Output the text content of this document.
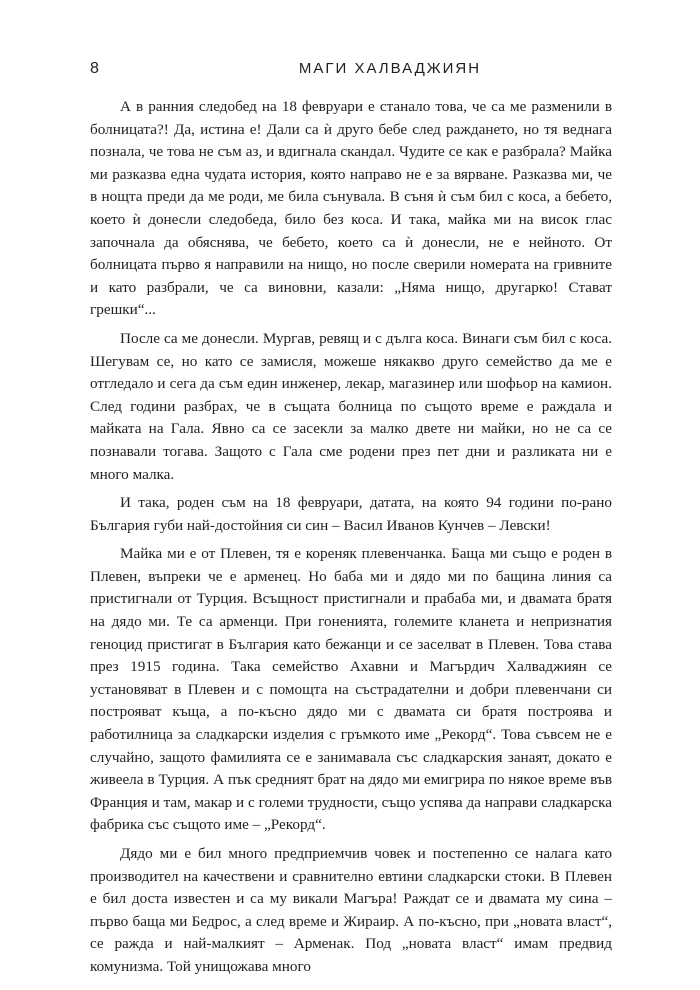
8	МАГИ ХАЛВАДЖИЯН

А в ранния следобед на 18 февруари е станало това, че са ме разменили в болницата?! Да, истина е! Дали са ѝ друго бебе след раждането, но тя веднага познала, че това не съм аз, и вдигнала скандал. Чудите се как е разбрала? Майка ми разказва една чудата история, която направо не е за вярване. Разказва ми, че в нощта преди да ме роди, ме била сънувала. В съня ѝ съм бил с коса, а бебето, което ѝ донесли следобеда, било без коса. И така, майка ми на висок глас започнала да обяснява, че бебето, което са ѝ донесли, не е нейното. От болницата първо я направили на нищо, но после сверили номерата на гривните и като разбрали, че са виновни, казали: „Няма нищо, другарко! Стават грешки“...

После са ме донесли. Мургав, ревящ и с дълга коса. Винаги съм бил с коса. Шегувам се, но като се замисля, можеше някакво друго семейство да ме е отгледало и сега да съм един инженер, лекар, магазинер или шофьор на камион. След години разбрах, че в същата болница по същото време е раждала и майката на Гала. Явно са се засекли за малко двете ни майки, но не са се познавали тогава. Защото с Гала сме родени през пет дни и разликата ни е много малка.

И така, роден съм на 18 февруари, датата, на която 94 години по-рано България губи най-достойния си син – Васил Иванов Кунчев – Левски!

Майка ми е от Плевен, тя е кореняк плевенчанка. Баща ми също е роден в Плевен, въпреки че е арменец. Но баба ми и дядо ми по бащина линия са пристигнали от Турция. Всъщност пристигнали и прабаба ми, и двамата братя на дядо ми. Те са арменци. При гоненията, големите кланета и непризнатия геноцид пристигат в България като бежанци и се заселват в Плевен. Това става през 1915 година. Така семейство Ахавни и Магърдич Халваджиян се установяват в Плевен и с помощта на състрадателни и добри плевенчани си построяват къща, а по-късно дядо ми с двамата си братя построява и работилница за сладкарски изделия с гръмкото име „Рекорд“. Това съвсем не е случайно, защото фамилията се е занимавала със сладкарския занаят, докато е живеела в Турция. А пък средният брат на дядо ми емигрира по някое време във Франция и там, макар и с големи трудности, също успява да направи сладкарска фабрика със същото име – „Рекорд“.

Дядо ми е бил много предприемчив човек и постепенно се налага като производител на качествени и сравнително евтини сладкарски стоки. В Плевен е бил доста известен и са му викали Магъра! Раждат се и двамата му сина – първо баща ми Бедрос, а след време и Жираир. А по-късно, при „новата власт“, се ражда и най-малкият – Арменак. Под „новата власт“ имам предвид комунизма. Той унищожава много
